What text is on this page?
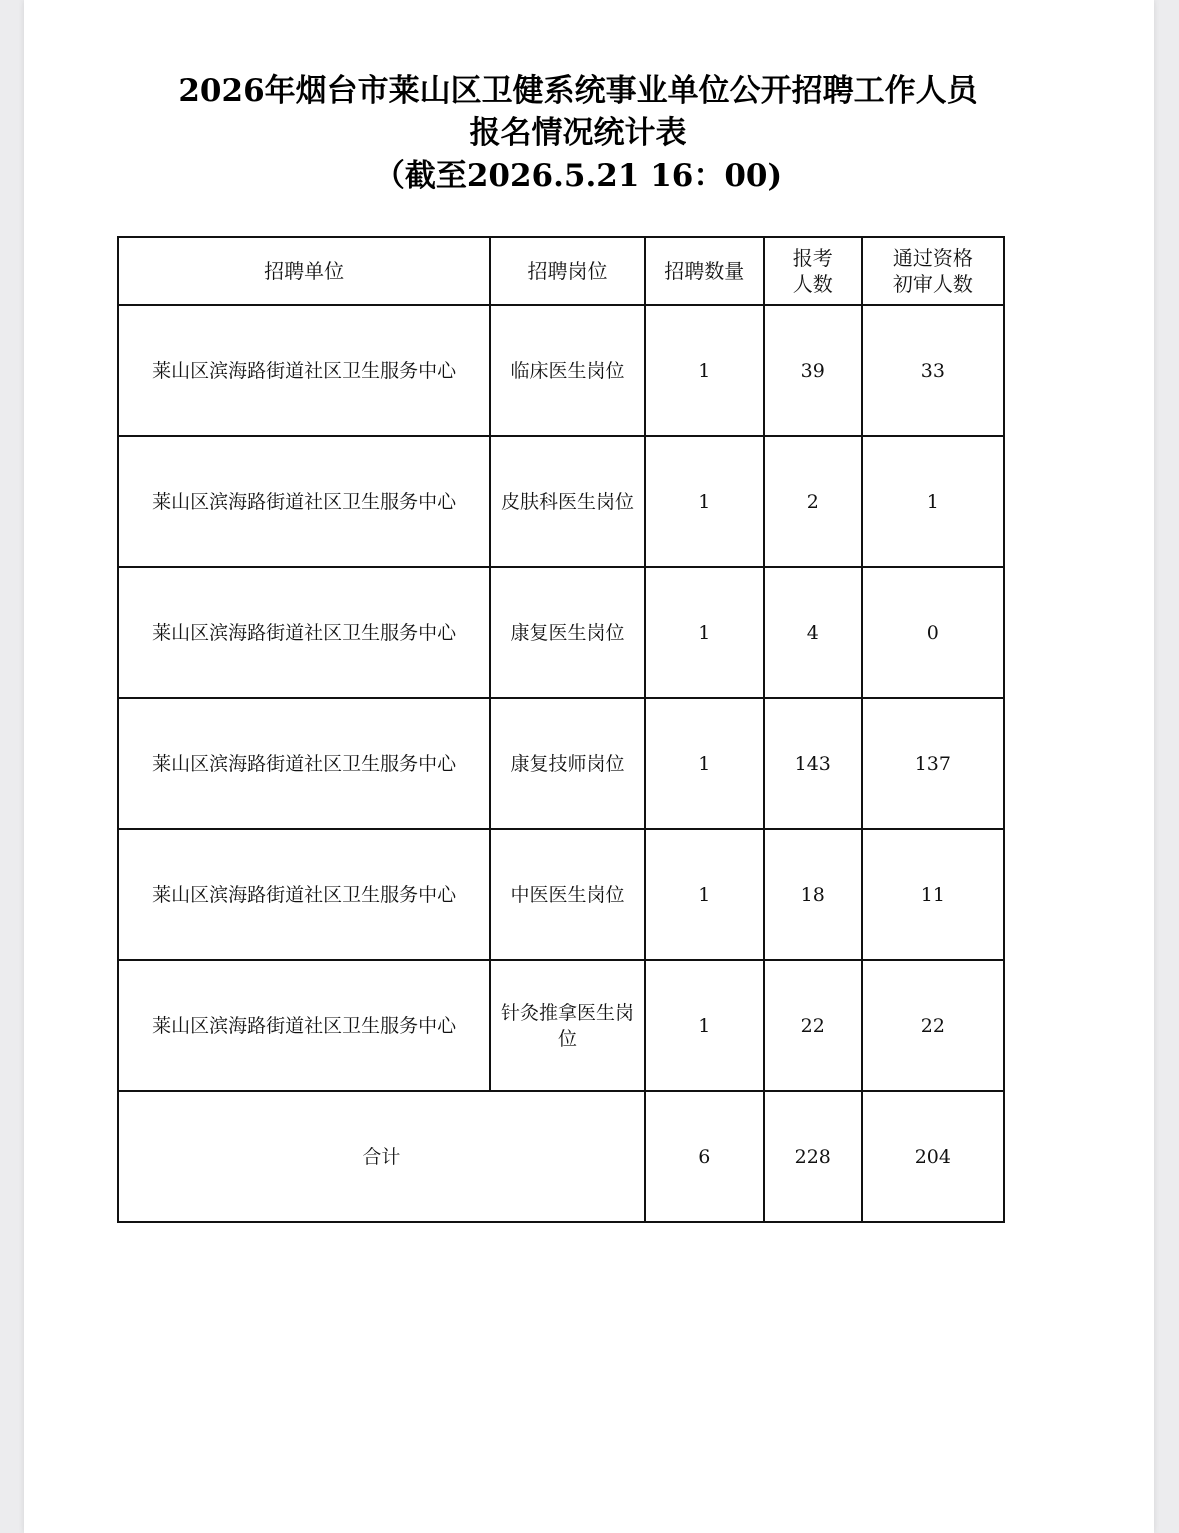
2026年烟台市莱山区卫健系统事业单位公开招聘工作人员
报名情况统计表
（截至2026.5.21 16：00)
招聘单位	招聘岗位	招聘数量	报考人数	通过资格初审人数

莱山区滨海路街道社区卫生服务中心	临床医生岗位	1	39	33
莱山区滨海路街道社区卫生服务中心	皮肤科医生岗位	1	2	1
莱山区滨海路街道社区卫生服务中心	康复医生岗位	1	4	0
莱山区滨海路街道社区卫生服务中心	康复技师岗位	1	143	137
莱山区滨海路街道社区卫生服务中心	中医医生岗位	1	18	11
莱山区滨海路街道社区卫生服务中心	针灸推拿医生岗位	1	22	22
合计		6	228	204
